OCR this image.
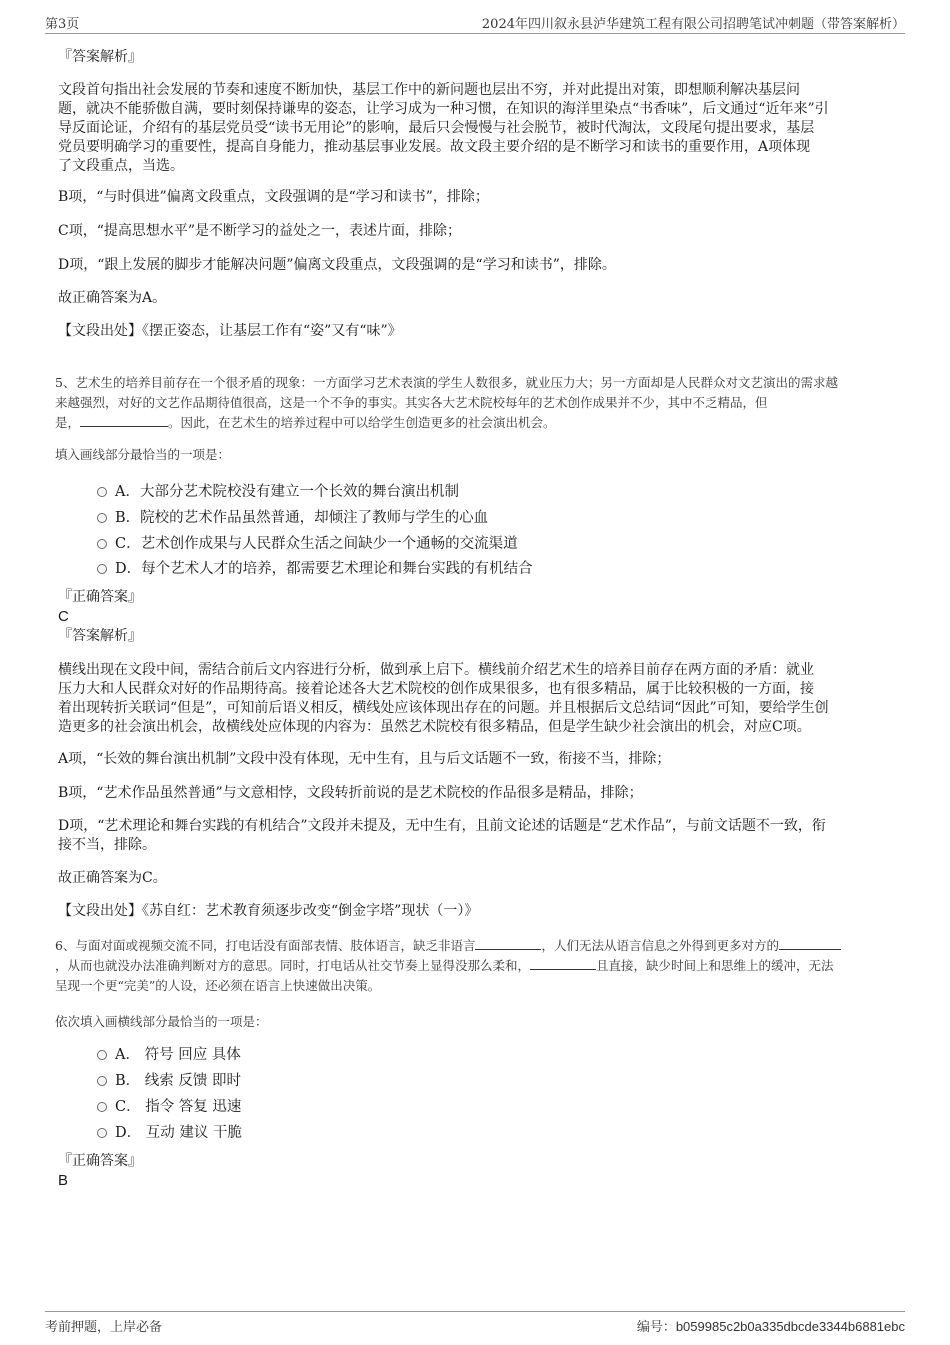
第3页	2024年四川叙永县泸华建筑工程有限公司招聘笔试冲刺题（带答案解析）

『答案解析』

文段首句指出社会发展的节奏和速度不断加快，基层工作中的新问题也层出不穷，并对此提出对策，即想顺利解决基层问

题，就决不能骄傲自满，要时刻保持谦卑的姿态，让学习成为一种习惯，在知识的海洋里染点“书香味”，后文通过“近年来”引

导反面论证，介绍有的基层党员受“读书无用论”的影响，最后只会慢慢与社会脱节，被时代淘汰，文段尾句提出要求，基层

党员要明确学习的重要性，提高自身能力，推动基层事业发展。故文段主要介绍的是不断学习和读书的重要作用，A项体现

了文段重点，当选。

B项，“与时俱进”偏离文段重点，文段强调的是“学习和读书”，排除；

C项，“提高思想水平”是不断学习的益处之一，表述片面，排除；

D项，“跟上发展的脚步才能解决问题”偏离文段重点，文段强调的是“学习和读书”，排除。

故正确答案为A。

【文段出处】《摆正姿态，让基层工作有“姿”又有“味”》

5、艺术生的培养目前存在一个很矛盾的现象：一方面学习艺术表演的学生人数很多，就业压力大；另一方面却是人民群众对文艺演出的需求越

来越强烈，对好的文艺作品期待值很高，这是一个不争的事实。其实各大艺术院校每年的艺术创作成果并不少，其中不乏精品，但

是，	。因此，在艺术生的培养过程中可以给学生创造更多的社会演出机会。

填入画线部分最恰当的一项是：

A．大部分艺术院校没有建立一个长效的舞台演出机制
B．院校的艺术作品虽然普通，却倾注了教师与学生的心血
C．艺术创作成果与人民群众生活之间缺少一个通畅的交流渠道
D．每个艺术人才的培养，都需要艺术理论和舞台实践的有机结合

『正确答案』

C

『答案解析』

横线出现在文段中间，需结合前后文内容进行分析，做到承上启下。横线前介绍艺术生的培养目前存在两方面的矛盾：就业

压力大和人民群众对好的作品期待高。接着论述各大艺术院校的创作成果很多，也有很多精品，属于比较积极的一方面，接

着出现转折关联词“但是”，可知前后语义相反，横线处应该体现出存在的问题。并且根据后文总结词“因此”可知，要给学生创

造更多的社会演出机会，故横线处应体现的内容为：虽然艺术院校有很多精品，但是学生缺少社会演出的机会，对应C项。

A项，“长效的舞台演出机制”文段中没有体现，无中生有，且与后文话题不一致，衔接不当，排除；

B项，“艺术作品虽然普通”与文意相悖，文段转折前说的是艺术院校的作品很多是精品，排除；

D项，“艺术理论和舞台实践的有机结合”文段并未提及，无中生有，且前文论述的话题是“艺术作品”，与前文话题不一致，衔

接不当，排除。

故正确答案为C。

【文段出处】《苏自红：艺术教育须逐步改变“倒金字塔”现状（一）》

6、与面对面或视频交流不同，打电话没有面部表情、肢体语言，缺乏非语言	，人们无法从语言信息之外得到更多对方的

，从而也就没办法准确判断对方的意思。同时，打电话从社交节奏上显得没那么柔和，	且直接，缺少时间上和思维上的缓冲，无法

呈现一个更“完美”的人设，还必须在语言上快速做出决策。

依次填入画横线部分最恰当的一项是：

A． 符号 回应 具体
B． 线索 反馈 即时
C． 指令 答复 迅速
D． 互动 建议 干脆

『正确答案』

B

考前押题，上岸必备	编号：b059985c2b0a335dbcde3344b6881ebc
